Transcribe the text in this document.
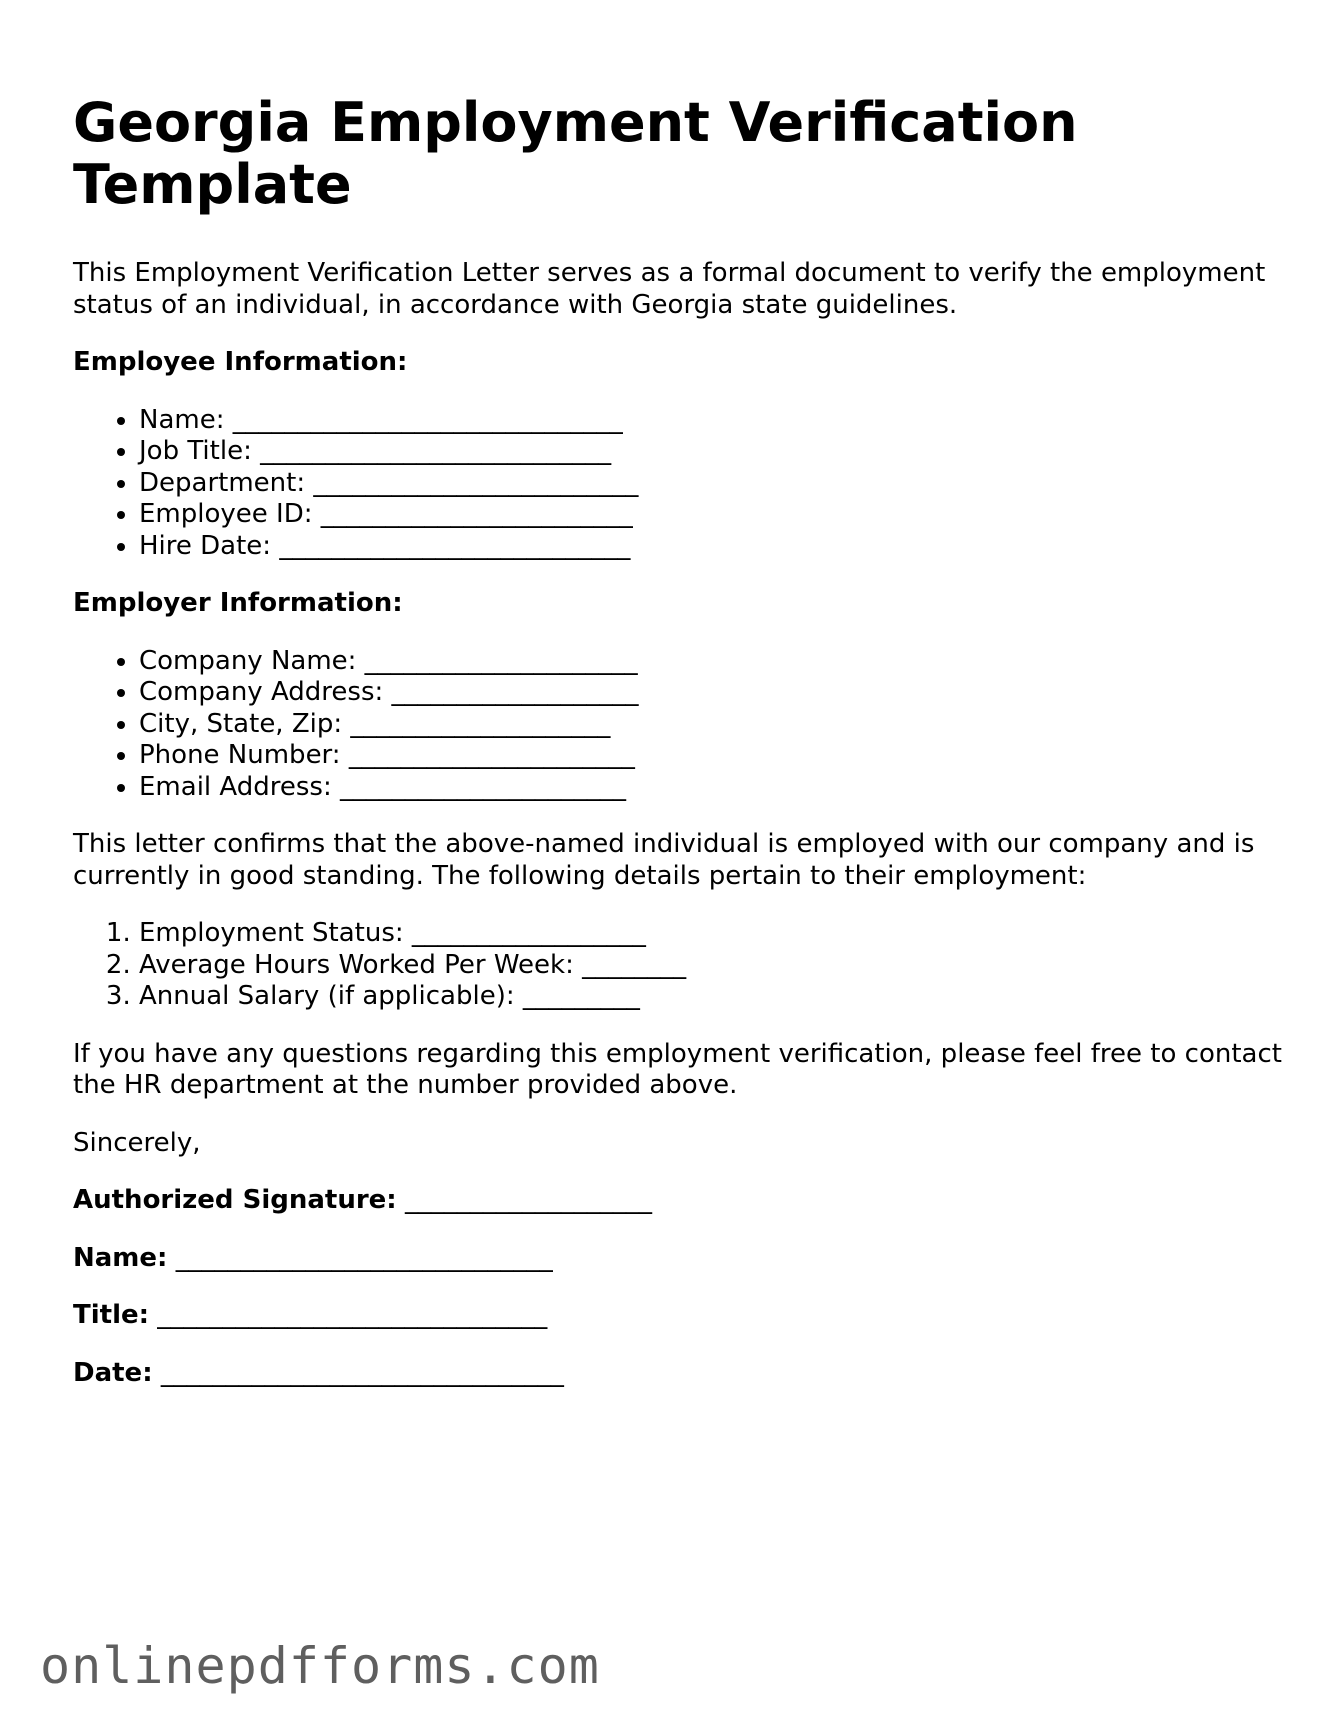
Georgia Employment Verification Template

This Employment Verification Letter serves as a formal document to verify the employment status of an individual, in accordance with Georgia state guidelines.

Employee Information:
• Name: ______________________________
• Job Title: ___________________________
• Department: _________________________
• Employee ID: ________________________
• Hire Date: ___________________________
Employer Information:
• Company Name: _____________________
• Company Address: ___________________
• City, State, Zip: ____________________
• Phone Number: ______________________
• Email Address: ______________________

This letter confirms that the above-named individual is employed with our company and is currently in good standing. The following details pertain to their employment:

1. Employment Status: __________________
2. Average Hours Worked Per Week: ________
3. Annual Salary (if applicable): _________

If you have any questions regarding this employment verification, please feel free to contact the HR department at the number provided above.

Sincerely,

Authorized Signature: ___________________
Name: _____________________________
Title: ______________________________
Date: _______________________________
onlinepdfforms.com
